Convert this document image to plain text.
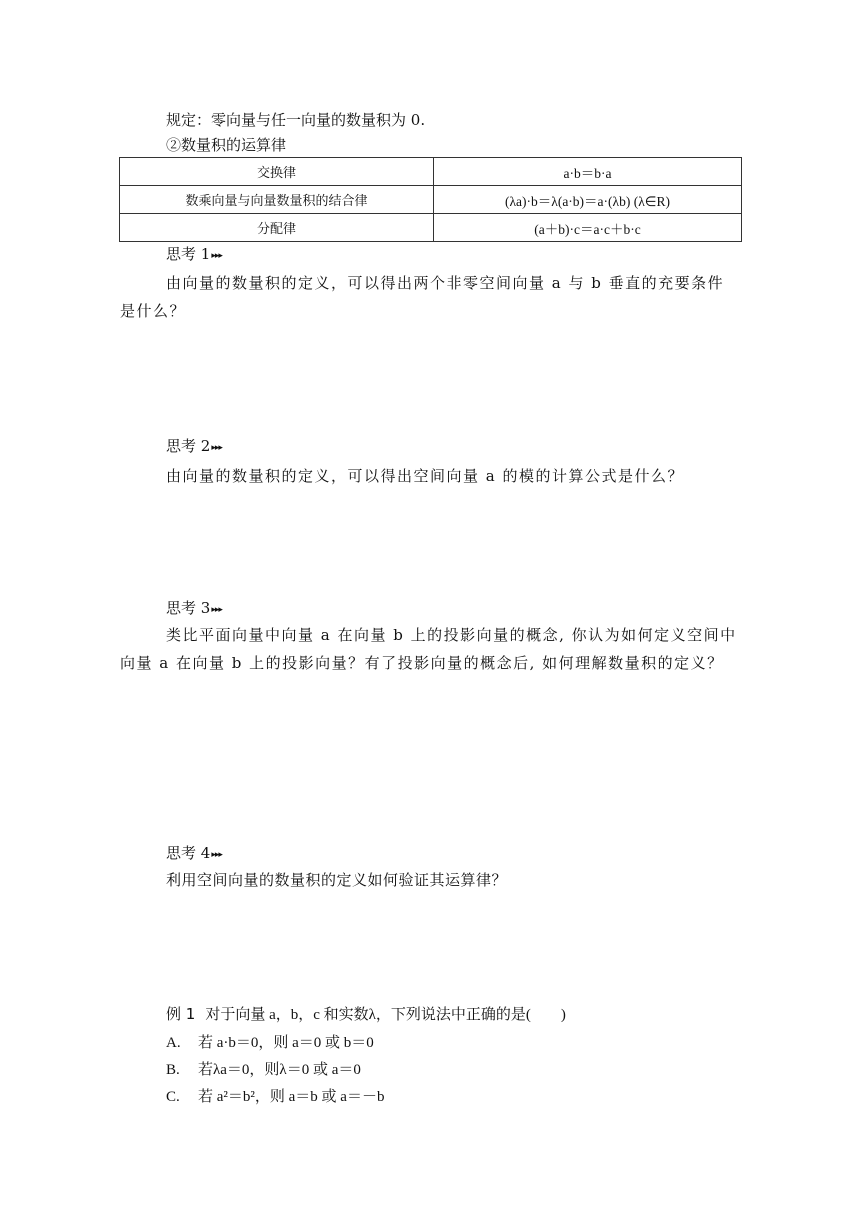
规定：零向量与任一向量的数量积为 0.
②数量积的运算律
交换律	a·b＝b·a
数乘向量与向量数量积的结合律	(λa)·b＝λ(a·b)＝a·(λb) (λ∈R)
分配律	(a＋b)·c＝a·c＋b·c
思考 1▸▸▸
由向量的数量积的定义，可以得出两个非零空间向量 a 与 b 垂直的充要条件是什么？
思考 2▸▸▸
由向量的数量积的定义，可以得出空间向量 a 的模的计算公式是什么？
思考 3▸▸▸
类比平面向量中向量 a 在向量 b 上的投影向量的概念, 你认为如何定义空间中向量 a 在向量 b 上的投影向量？有了投影向量的概念后, 如何理解数量积的定义？
思考 4▸▸▸
利用空间向量的数量积的定义如何验证其运算律？
例 1 对于向量 a，b，c 和实数λ，下列说法中正确的是(　　)
A. 若 a·b＝0，则 a＝0 或 b＝0
B. 若λa＝0，则λ＝0 或 a＝0
C. 若 a²＝b²，则 a＝b 或 a＝－b
